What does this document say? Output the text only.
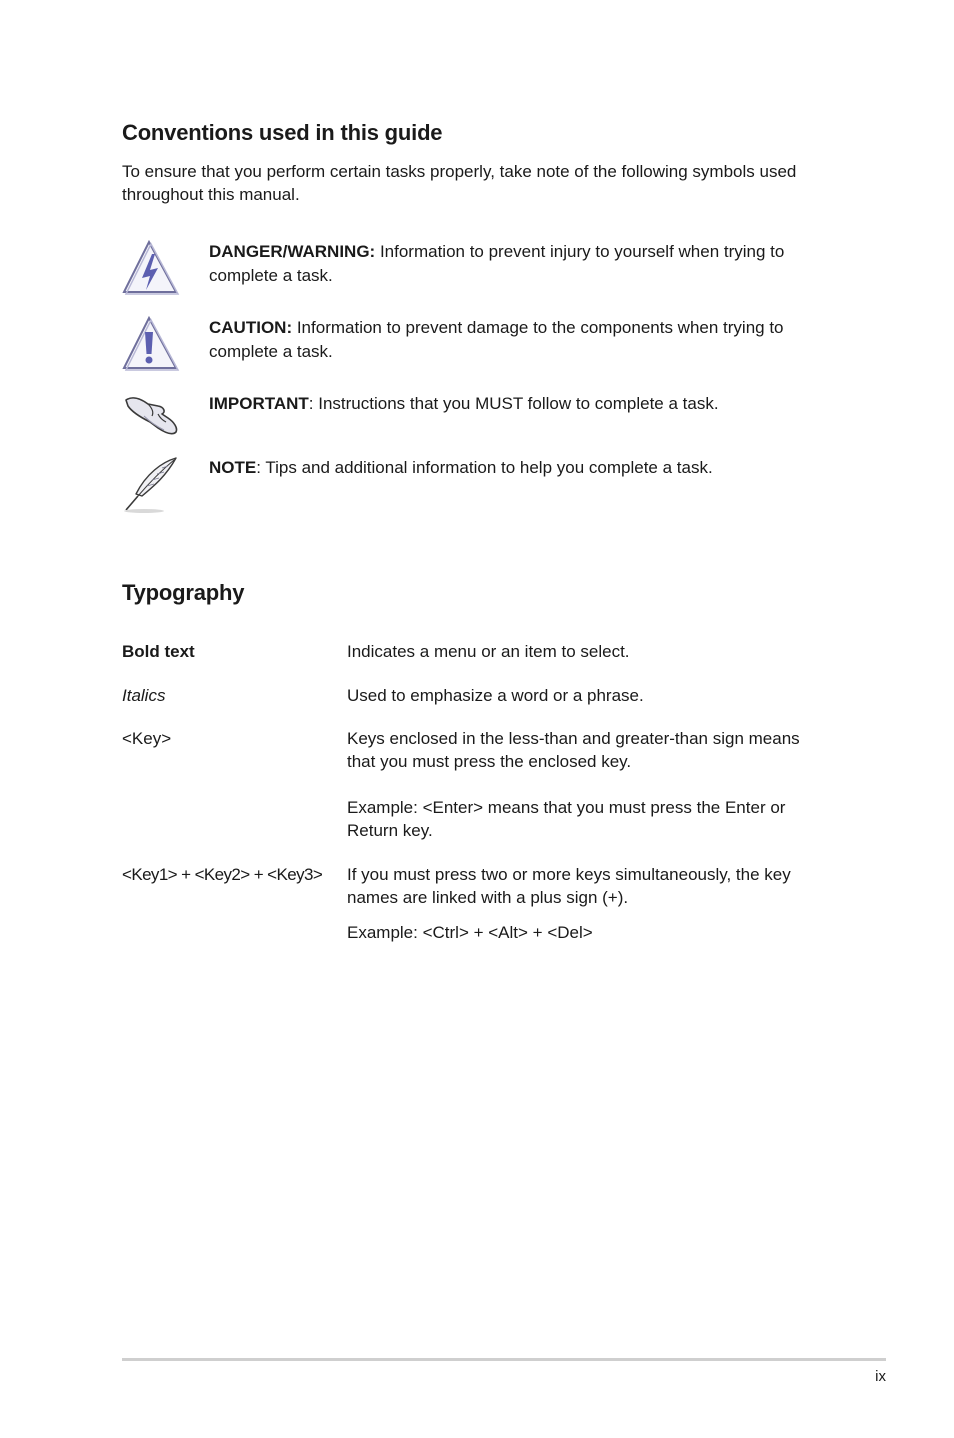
Conventions used in this guide

To ensure that you perform certain tasks properly, take note of the following symbols used throughout this manual.

DANGER/WARNING: Information to prevent injury to yourself when trying to complete a task.

CAUTION: Information to prevent damage to the components when trying to complete a task.

IMPORTANT: Instructions that you MUST follow to complete a task.

NOTE: Tips and additional information to help you complete a task.

Typography
Bold text	Indicates a menu or an item to select.

Italics	Used to emphasize a word or a phrase.

<Key>	Keys enclosed in the less-than and greater-than sign means that you must press the enclosed key.

Example: <Enter> means that you must press the Enter or Return key.

<Key1> + <Key2> + <Key3>	If you must press two or more keys simultaneously, the key names are linked with a plus sign (+).

Example: <Ctrl> + <Alt> + <Del>

ix
